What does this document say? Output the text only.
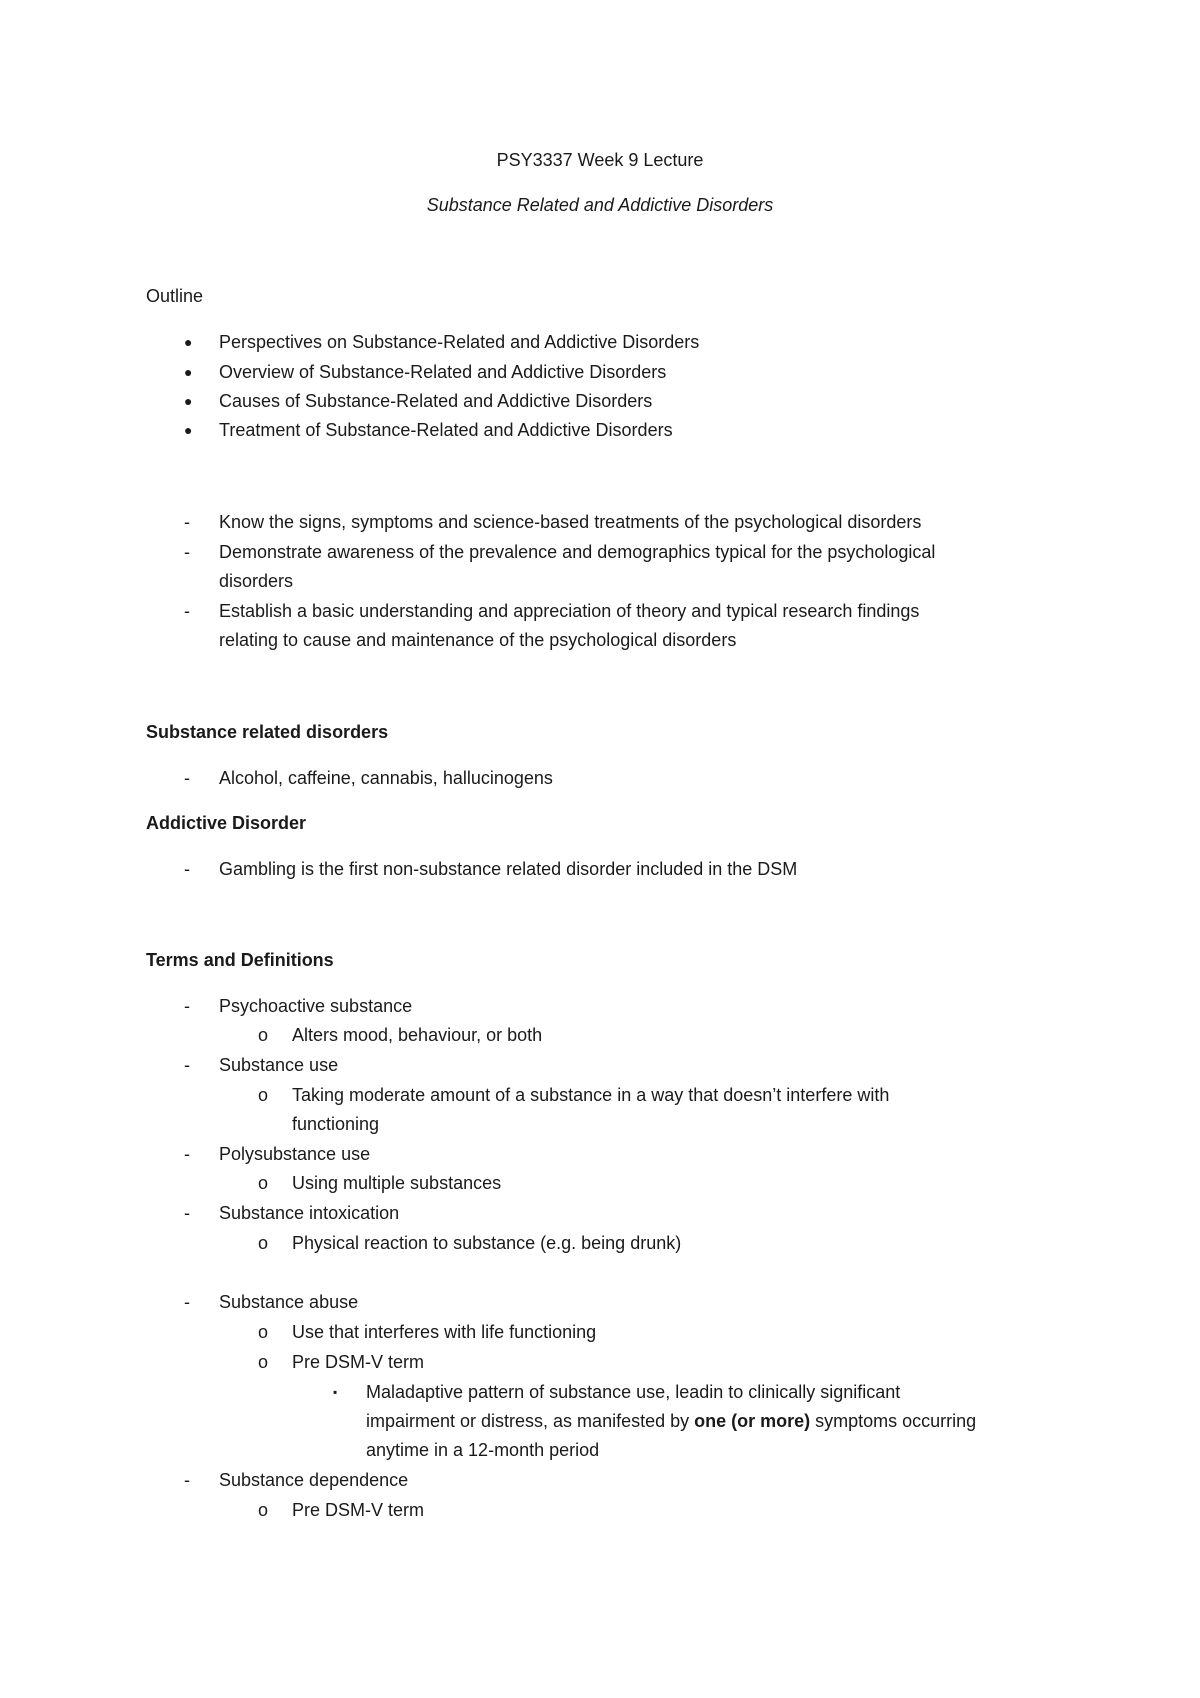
PSY3337 Week 9 Lecture
Substance Related and Addictive Disorders
Outline
● Perspectives on Substance-Related and Addictive Disorders
● Overview of Substance-Related and Addictive Disorders
● Causes of Substance-Related and Addictive Disorders
● Treatment of Substance-Related and Addictive Disorders
- Know the signs, symptoms and science-based treatments of the psychological disorders
- Demonstrate awareness of the prevalence and demographics typical for the psychological
disorders
- Establish a basic understanding and appreciation of theory and typical research findings
relating to cause and maintenance of the psychological disorders
Substance related disorders
- Alcohol, caffeine, cannabis, hallucinogens
Addictive Disorder
- Gambling is the first non-substance related disorder included in the DSM
Terms and Definitions
- Psychoactive substance
o Alters mood, behaviour, or both
- Substance use
o Taking moderate amount of a substance in a way that doesn’t interfere with
functioning
- Polysubstance use
o Using multiple substances
- Substance intoxication
o Physical reaction to substance (e.g. being drunk)
- Substance abuse
o Use that interferes with life functioning
o Pre DSM-V term
▪ Maladaptive pattern of substance use, leadin to clinically significant
impairment or distress, as manifested by one (or more) symptoms occurring
anytime in a 12-month period
- Substance dependence
o Pre DSM-V term
